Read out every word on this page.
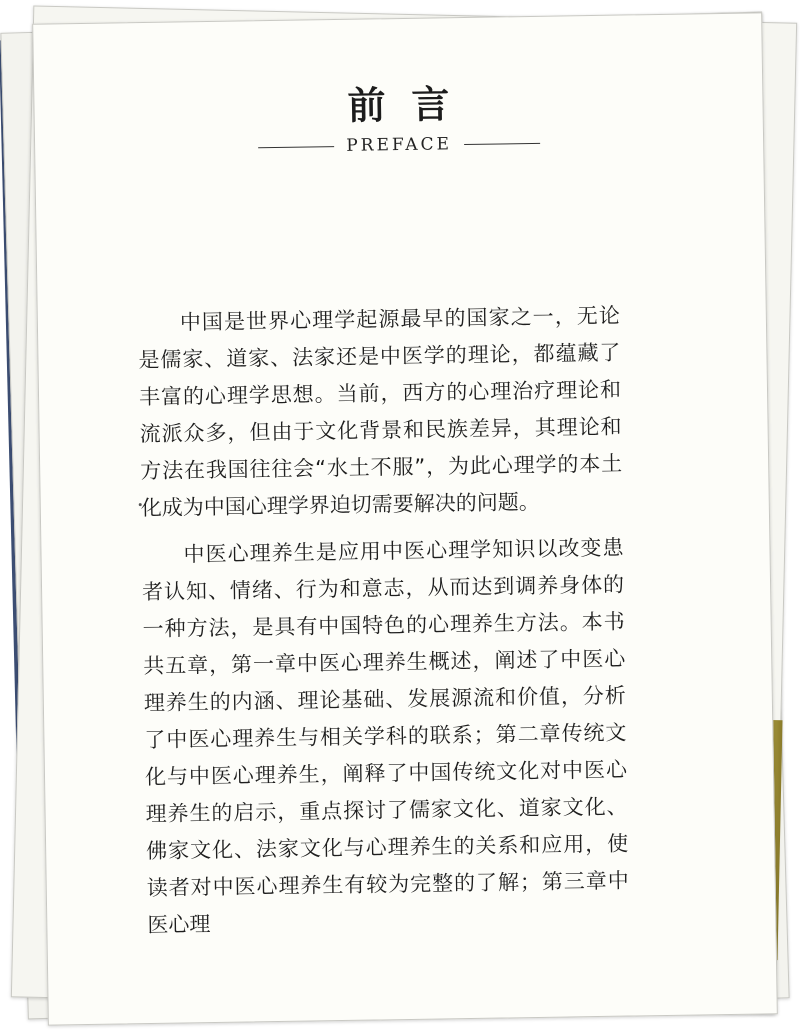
前言
PREFACE

中国是世界心理学起源最早的国家之一，无论是儒家、道家、法家还是中医学的理论，都蕴藏了丰富的心理学思想。当前，西方的心理治疗理论和流派众多，但由于文化背景和民族差异，其理论和方法在我国往往会“水土不服”，为此心理学的本土化成为中国心理学界迫切需要解决的问题。

中医心理养生是应用中医心理学知识以改变患者认知、情绪、行为和意志，从而达到调养身体的一种方法，是具有中国特色的心理养生方法。本书共五章，第一章中医心理养生概述，阐述了中医心理养生的内涵、理论基础、发展源流和价值，分析了中医心理养生与相关学科的联系；第二章传统文化与中医心理养生，阐释了中国传统文化对中医心理养生的启示，重点探讨了儒家文化、道家文化、佛家文化、法家文化与心理养生的关系和应用，使读者对中医心理养生有较为完整的了解；第三章中医心理
